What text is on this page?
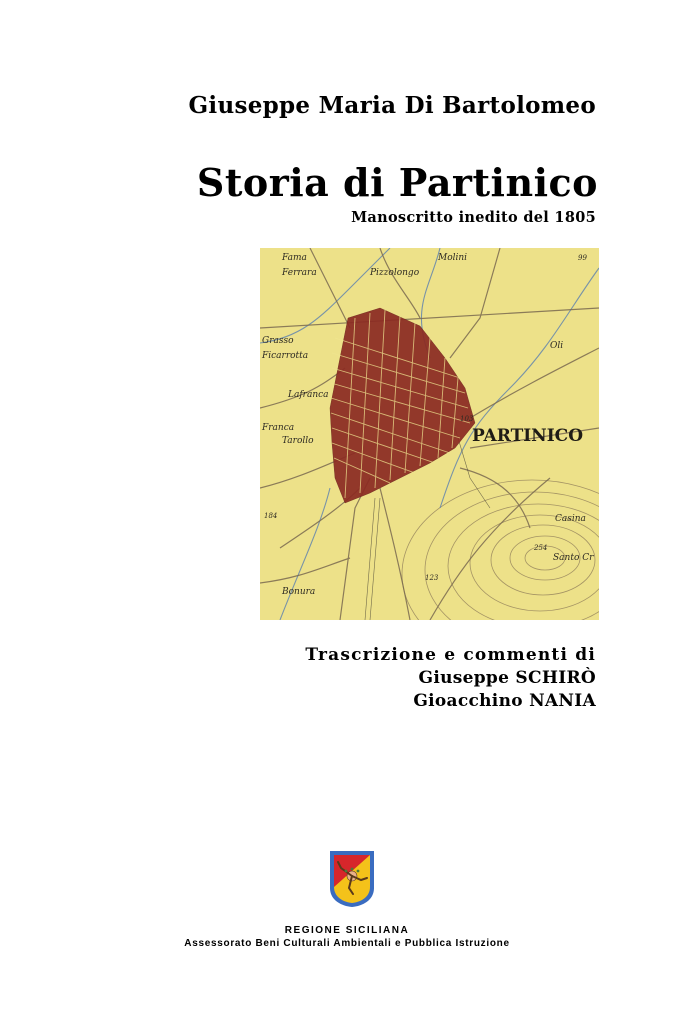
Giuseppe Maria Di Bartolomeo
Storia di Partinico
Manoscritto inedito del 1805
Fama	Molini
Ferrara	Pizzolongo
Grasso
Ficarrotta
Lafranca
Franca
Tarollo
Casina
Santo Cr
Bonura
Oli
99
103
184
123
254
PARTINICO
Trascrizione e commenti di
Giuseppe SCHIRÒ
Gioacchino NANIA
REGIONE SICILIANA
Assessorato Beni Culturali Ambientali e Pubblica Istruzione
